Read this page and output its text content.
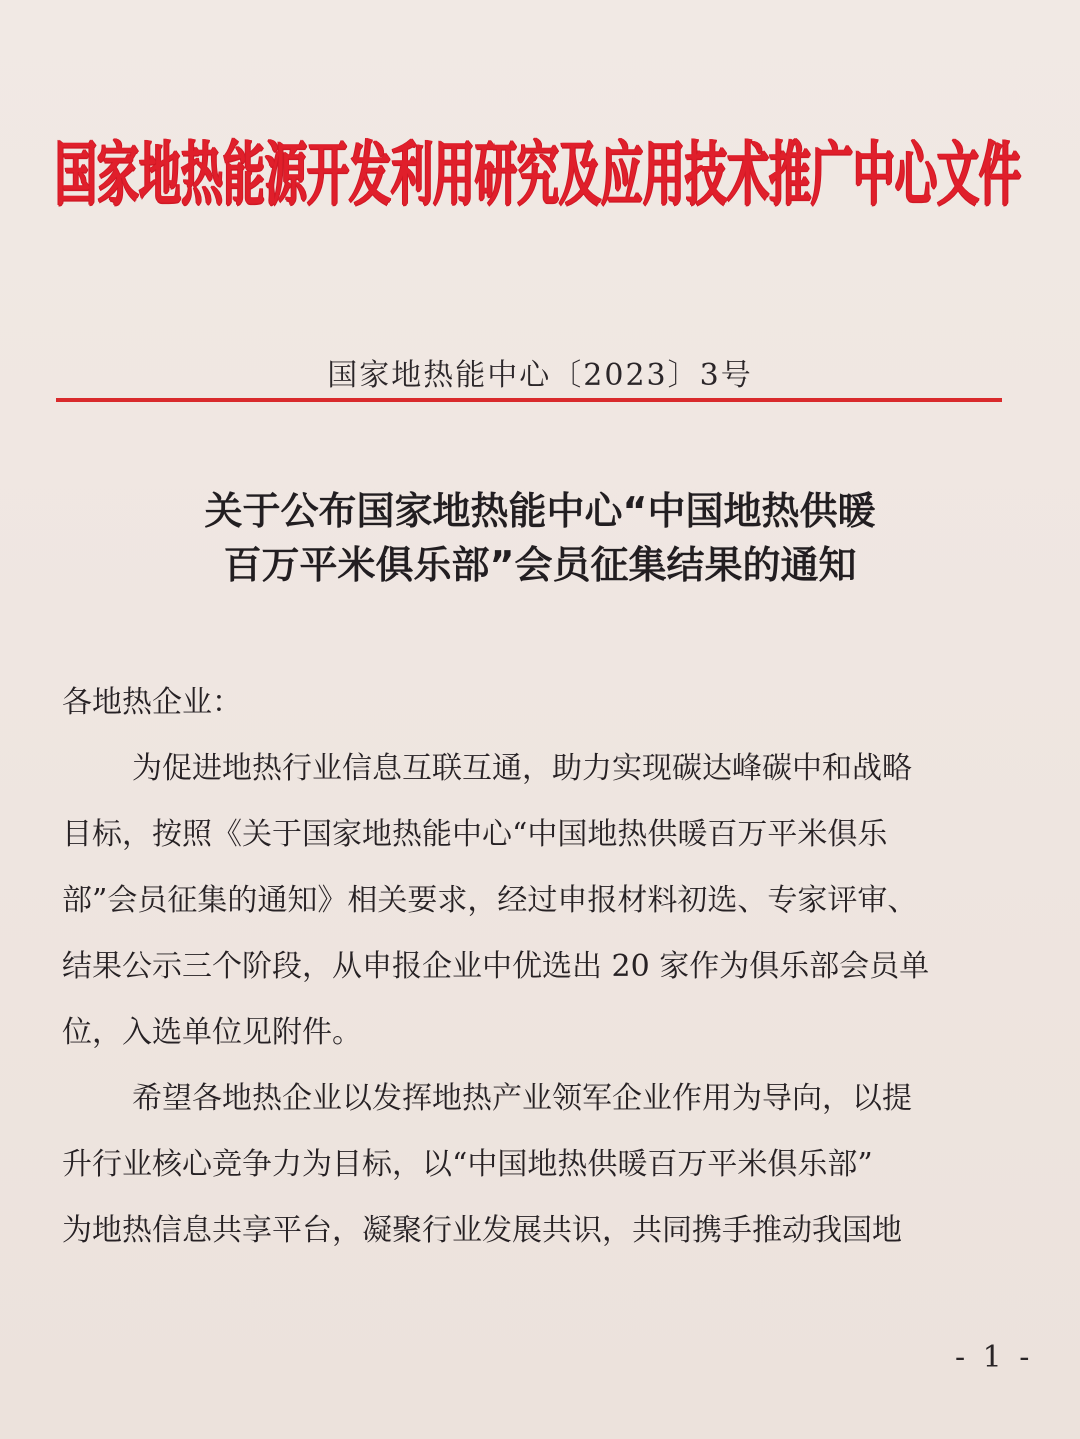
国家地热能源开发利用研究及应用技术推广中心文件
国家地热能中心〔2023〕3号
关于公布国家地热能中心“中国地热供暖
百万平米俱乐部”会员征集结果的通知
各地热企业：
为促进地热行业信息互联互通，助力实现碳达峰碳中和战略
目标，按照《关于国家地热能中心“中国地热供暖百万平米俱乐
部”会员征集的通知》相关要求，经过申报材料初选、专家评审、
结果公示三个阶段，从申报企业中优选出 20 家作为俱乐部会员单
位，入选单位见附件。
希望各地热企业以发挥地热产业领军企业作用为导向，以提
升行业核心竞争力为目标，以“中国地热供暖百万平米俱乐部”
为地热信息共享平台，凝聚行业发展共识，共同携手推动我国地
- 1 -
